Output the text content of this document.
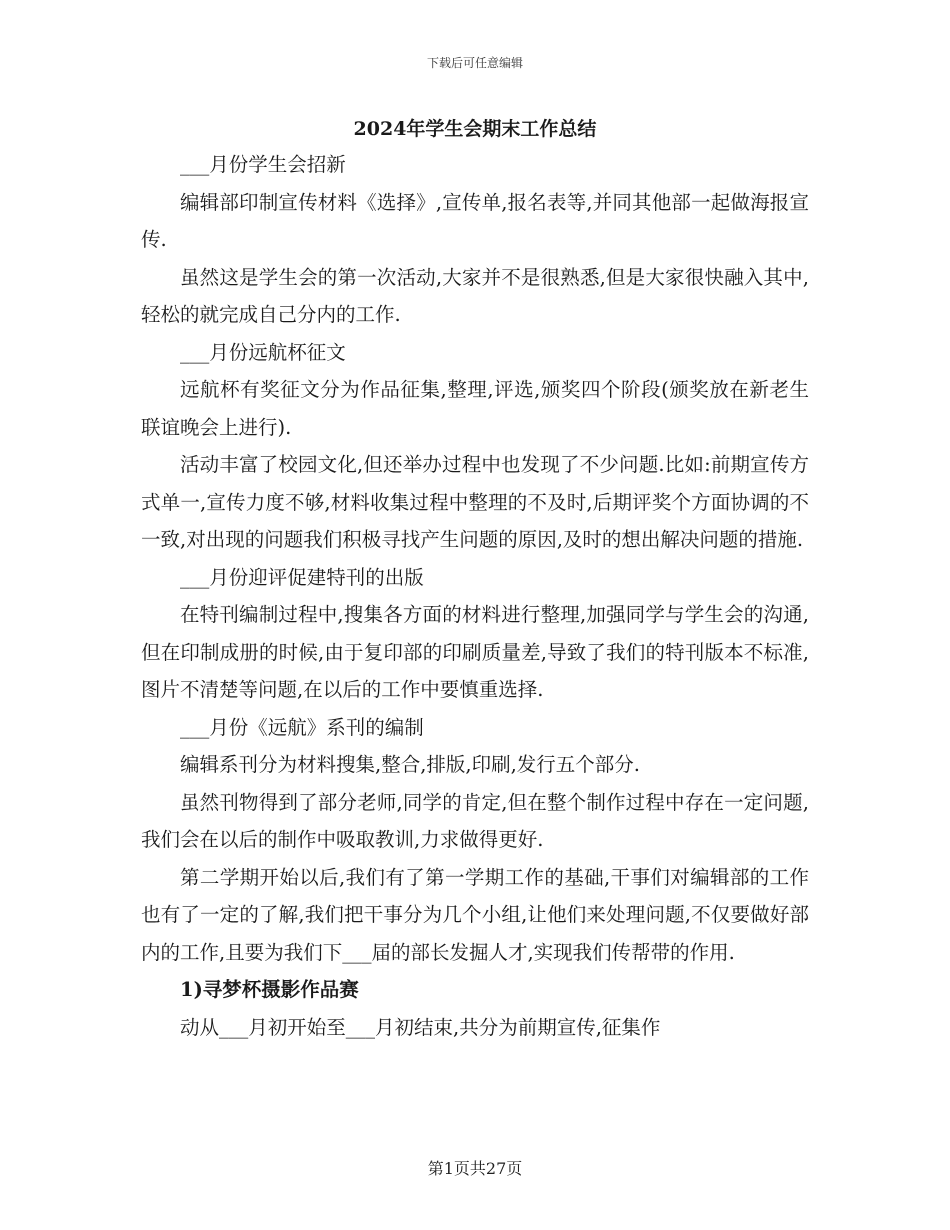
下载后可任意编辑
2024年学生会期末工作总结

___月份学生会招新

编辑部印制宣传材料《选择》,宣传单,报名表等,并同其他部一起做海报宣传.

虽然这是学生会的第一次活动,大家并不是很熟悉,但是大家很快融入其中,轻松的就完成自己分内的工作.

___月份远航杯征文

远航杯有奖征文分为作品征集,整理,评选,颁奖四个阶段(颁奖放在新老生联谊晚会上进行).

活动丰富了校园文化,但还举办过程中也发现了不少问题.比如:前期宣传方式单一,宣传力度不够,材料收集过程中整理的不及时,后期评奖个方面协调的不一致,对出现的问题我们积极寻找产生问题的原因,及时的想出解决问题的措施.

___月份迎评促建特刊的出版

在特刊编制过程中,搜集各方面的材料进行整理,加强同学与学生会的沟通,但在印制成册的时候,由于复印部的印刷质量差,导致了我们的特刊版本不标准,图片不清楚等问题,在以后的工作中要慎重选择.

___月份《远航》系刊的编制

编辑系刊分为材料搜集,整合,排版,印刷,发行五个部分.

虽然刊物得到了部分老师,同学的肯定,但在整个制作过程中存在一定问题,我们会在以后的制作中吸取教训,力求做得更好.

第二学期开始以后,我们有了第一学期工作的基础,干事们对编辑部的工作也有了一定的了解,我们把干事分为几个小组,让他们来处理问题,不仅要做好部内的工作,且要为我们下___届的部长发掘人才,实现我们传帮带的作用.

1)寻梦杯摄影作品赛

动从___月初开始至___月初结束,共分为前期宣传,征集作

第1页共27页
